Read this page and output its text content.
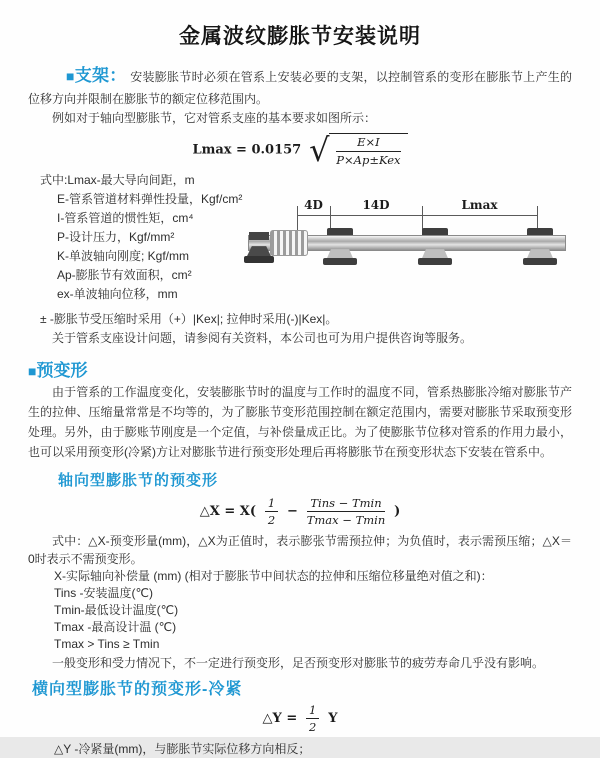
金属波纹膨胀节安装说明

■支架： 安装膨胀节时必须在管系上安装必要的支架，以控制管系的变形在膨胀节上产生的位移方向并限制在膨胀节的额定位移范围内。

例如对于轴向型膨胀节，它对管系支座的基本要求如图所示：

Lmax = 0.0157 √ $\frac{E\times I}{\text{P×Ap±Kex}}$
式中:Lmax-最大导向间距，m
E-管系管道材料弹性投量，Kgf/cm²
I-管系管道的惯性矩，cm⁴
P-设计压力，Kgf/mm²
K-单波轴向刚度; Kgf/mm
Ap-膨胀节有效面积，cm²
ex-单波轴向位移，mm
4D	14D	Lmax

± -膨胀节受压缩时采用（+）|Kex|; 拉伸时采用(-)|Kex|。

关于管系支座设计问题，请参阅有关资料，本公司也可为用户提供咨询等服务。

■预变形

由于管系的工作温度变化，安装膨胀节时的温度与工作时的温度不同，管系热膨胀冷缩对膨胀节产生的拉伸、压缩量常常是不均等的，为了膨胀节变形范围控制在额定范围内，需要对膨胀节采取预变形处理。另外，由于膨账节刚度是一个定值，与补偿量成正比。为了使膨胀节位移对管系的作用力最小，也可以采用预变形(冷紧)方让对膨胀节进行预变形处理后再将膨胀节在预变形状态下安装在管系中。

轴向型膨胀节的预变形
△X = $X( \frac{1}{2} - \frac{\text{Tins − Tmin}}{Tmax - Tmin}$ )

式中：△X-预变形量(mm)，△X为正值时，表示膨张节需预拉伸；为负值时，表示需预压缩；△X＝0时表示不需预变形。

X-实际轴向补偿量 (mm) (相对于膨胀节中间状态的拉伸和压缩位移量绝对值之和)：
Tins -安装温度(℃)
Tmin-最低设计温度(℃)
Tmax -最高设计温 (℃)
Tmax > Tins ≥ Tmin

一般变形和受力情况下，不一定进行预变形，足否预变形对膨胀节的疲劳寿命几乎没有影响。

横向型膨胀节的预变形-冷紧
△Y = $\frac{1}{2}$ Y

△Y -冷紧量(mm)，与膨胀节实际位移方向相反；
